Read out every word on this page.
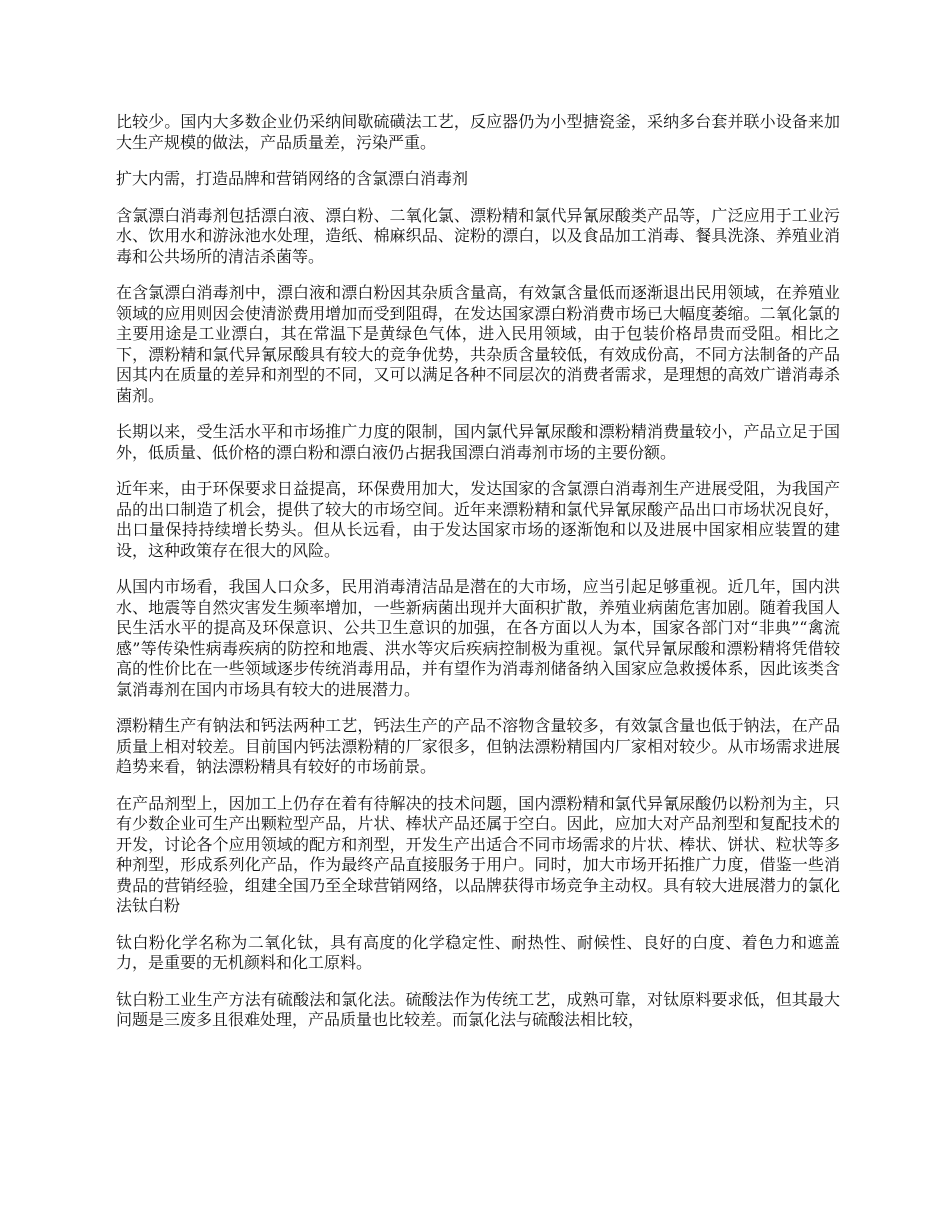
比较少。国内大多数企业仍采纳间歇硫磺法工艺，反应器仍为小型搪瓷釜，采纳多台套并联小设备来加大生产规模的做法，产品质量差，污染严重。

扩大内需，打造品牌和营销网络的含氯漂白消毒剂

含氯漂白消毒剂包括漂白液、漂白粉、二氧化氯、漂粉精和氯代异氰尿酸类产品等，广泛应用于工业污水、饮用水和游泳池水处理，造纸、棉麻织品、淀粉的漂白，以及食品加工消毒、餐具洗涤、养殖业消毒和公共场所的清洁杀菌等。

在含氯漂白消毒剂中，漂白液和漂白粉因其杂质含量高，有效氯含量低而逐渐退出民用领域，在养殖业领域的应用则因会使清淤费用增加而受到阻碍，在发达国家漂白粉消费市场已大幅度萎缩。二氧化氯的主要用途是工业漂白，其在常温下是黄绿色气体，进入民用领域，由于包装价格昂贵而受阻。相比之下，漂粉精和氯代异氰尿酸具有较大的竞争优势，共杂质含量较低，有效成份高，不同方法制备的产品因其内在质量的差异和剂型的不同，又可以满足各种不同层次的消费者需求，是理想的高效广谱消毒杀菌剂。

长期以来，受生活水平和市场推广力度的限制，国内氯代异氰尿酸和漂粉精消费量较小，产品立足于国外，低质量、低价格的漂白粉和漂白液仍占据我国漂白消毒剂市场的主要份额。

近年来，由于环保要求日益提高，环保费用加大，发达国家的含氯漂白消毒剂生产进展受阻，为我国产品的出口制造了机会，提供了较大的市场空间。近年来漂粉精和氯代异氰尿酸产品出口市场状况良好，出口量保持持续增长势头。但从长远看，由于发达国家市场的逐渐饱和以及进展中国家相应装置的建设，这种政策存在很大的风险。

从国内市场看，我国人口众多，民用消毒清洁品是潜在的大市场，应当引起足够重视。近几年，国内洪水、地震等自然灾害发生频率增加，一些新病菌出现并大面积扩散，养殖业病菌危害加剧。随着我国人民生活水平的提高及环保意识、公共卫生意识的加强，在各方面以人为本，国家各部门对“非典”“禽流感”等传染性病毒疾病的防控和地震、洪水等灾后疾病控制极为重视。氯代异氰尿酸和漂粉精将凭借较高的性价比在一些领域逐步传统消毒用品，并有望作为消毒剂储备纳入国家应急救援体系，因此该类含氯消毒剂在国内市场具有较大的进展潜力。

漂粉精生产有钠法和钙法两种工艺，钙法生产的产品不溶物含量较多，有效氯含量也低于钠法，在产品质量上相对较差。目前国内钙法漂粉精的厂家很多，但钠法漂粉精国内厂家相对较少。从市场需求进展趋势来看，钠法漂粉精具有较好的市场前景。

在产品剂型上，因加工上仍存在着有待解决的技术问题，国内漂粉精和氯代异氰尿酸仍以粉剂为主，只有少数企业可生产出颗粒型产品，片状、棒状产品还属于空白。因此，应加大对产品剂型和复配技术的开发，讨论各个应用领域的配方和剂型，开发生产出适合不同市场需求的片状、棒状、饼状、粒状等多种剂型，形成系列化产品，作为最终产品直接服务于用户。同时，加大市场开拓推广力度，借鉴一些消费品的营销经验，组建全国乃至全球营销网络，以品牌获得市场竞争主动权。具有较大进展潜力的氯化法钛白粉

钛白粉化学名称为二氧化钛，具有高度的化学稳定性、耐热性、耐候性、良好的白度、着色力和遮盖力，是重要的无机颜料和化工原料。

钛白粉工业生产方法有硫酸法和氯化法。硫酸法作为传统工艺，成熟可靠，对钛原料要求低，但其最大问题是三废多且很难处理，产品质量也比较差。而氯化法与硫酸法相比较，
